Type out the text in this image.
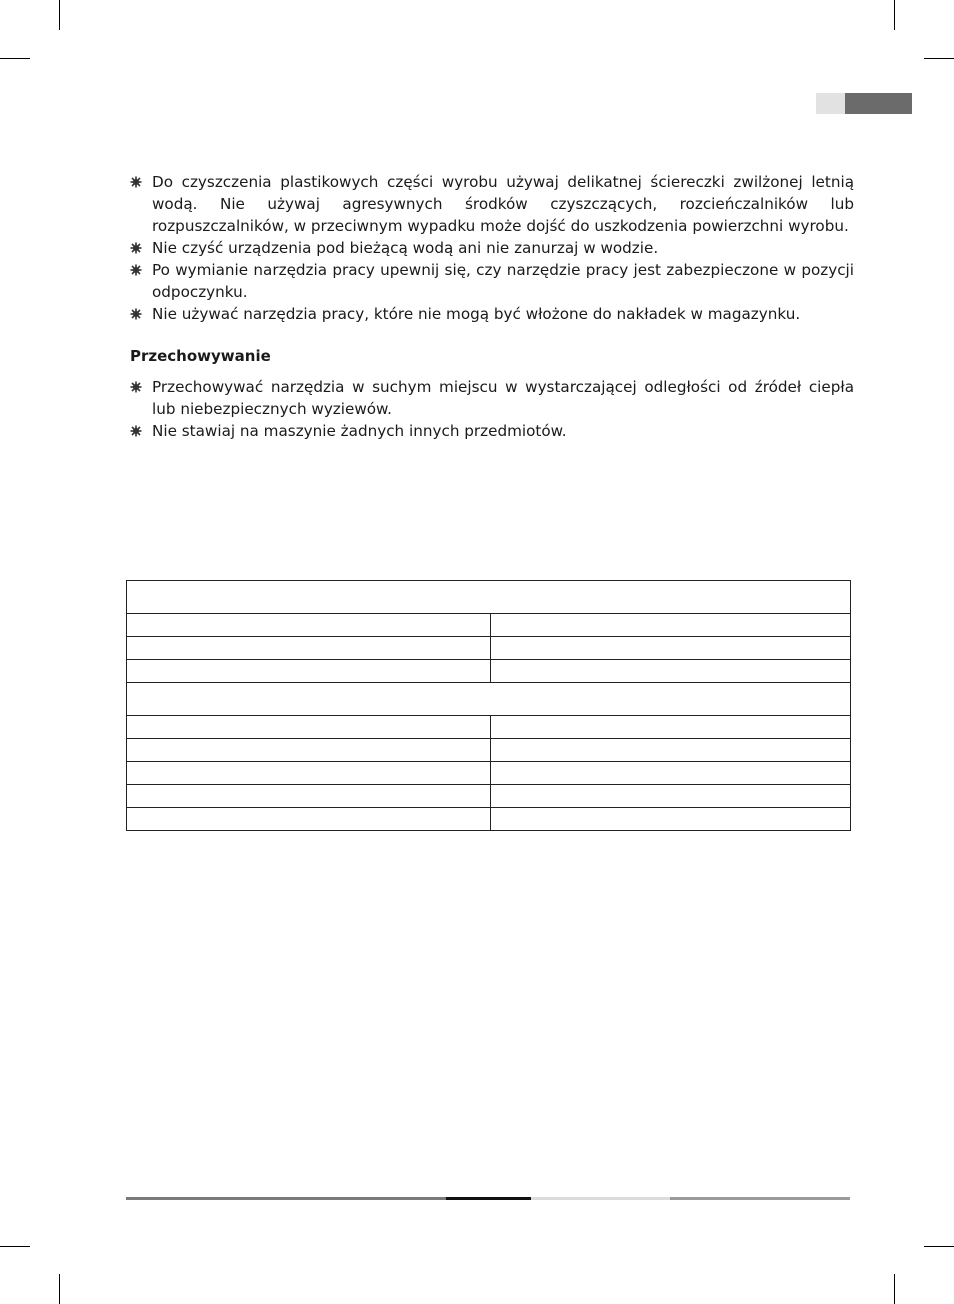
Do czyszczenia plastikowych części wyrobu używaj delikatnej ściereczki zwilżonej letnią wodą. Nie używaj agresywnych środków czyszczących, rozcieńczalników lub rozpuszczalników, w przeciwnym wypadku może dojść do uszkodzenia powierzchni wyrobu.
Nie czyść urządzenia pod bieżącą wodą ani nie zanurzaj w wodzie.
Po wymianie narzędzia pracy upewnij się, czy narzędzie pracy jest zabezpieczone w pozycji odpoczynku.
Nie używać narzędzia pracy, które nie mogą być włożone do nakładek w magazynku.
Przechowywanie
Przechowywać narzędzia w suchym miejscu w wystarczającej odległości od źródeł ciepła lub niebezpiecznych wyziewów.
Nie stawiaj na maszynie żadnych innych przedmiotów.
